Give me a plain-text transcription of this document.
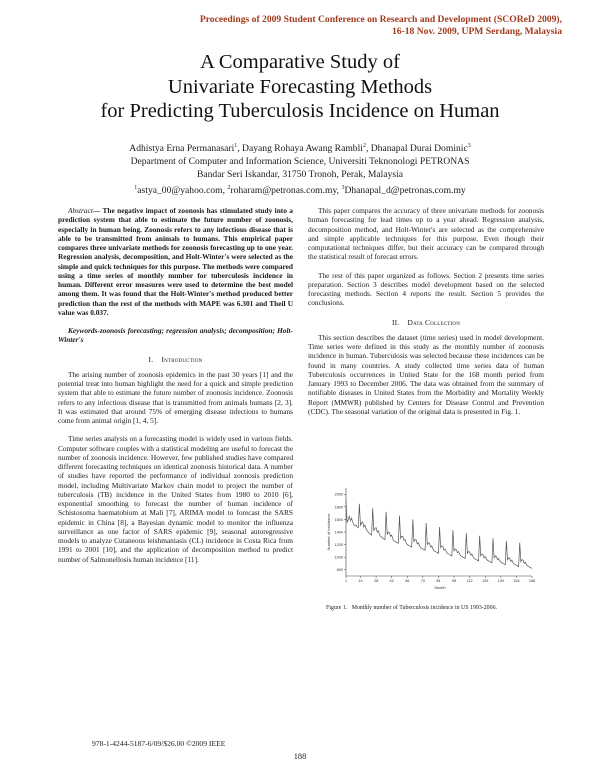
Proceedings of 2009 Student Conference on Research and Development (SCOReD 2009),
16-18 Nov. 2009, UPM Serdang, Malaysia
A Comparative Study of
Univariate Forecasting Methods
for Predicting Tuberculosis Incidence on Human
Adhistya Erna Permanasari$^1$, Dayang Rohaya Awang Rambli$^2$, Dhanapal Durai Dominic$^3$
Department of Computer and Information Science, Universiti Teknonologi PETRONAS
Bandar Seri Iskandar, 31750 Tronoh, Perak, Malaysia
$^1$astya_00@yahoo.com, $^2$roharam@petronas.com.my, $^3$Dhanapal_d@petronas.com.my

Abstract— The negative impact of zoonosis has stimulated study into a prediction system that able to estimate the future number of zoonosis, especially in human being. Zoonosis refers to any infectious disease that is able to be transmitted from animals to humans. This empirical paper compares three univariate methods for zoonosis forecasting up to one year. Regression analysis, decomposition, and Holt-Winter's were selected as the simple and quick techniques for this purpose. The methods were compared using a time series of monthly number for tuberculosis incidence in human. Different error measures were used to determine the best model among them. It was found that the Holt-Winter's method produced better prediction than the rest of the methods with MAPE was 6.301 and Theil U value was 0.037.

Keywords-zoonosis forecasting; regression analysis; decomposition; Holt-Winter's

I. Introduction

The arising number of zoonosis epidemics in the past 30 years [1] and the potential treat into human highlight the need for a quick and simple prediction system that able to estimate the future number of zoonosis incidence. Zoonosis refers to any infectious disease that is transmitted from animals humans [2, 3]. It was estimated that around 75% of emerging disease infections to humans come from animal origin [1, 4, 5].

Time series analysis on a forecasting model is widely used in various fields. Computer software couples with a statistical modeling are useful to forecast the number of zoonosis incidence. However, few published studies have compared different forecasting techniques on identical zoonosis historical data. A number of studies have reported the performance of individual zoonosis prediction model, including Multivariate Markov chain model to project the number of tuberculosis (TB) incidence in the United States from 1980 to 2010 [6], exponential smoothing to forecast the number of human incidence of Schistosoma haematobium at Mali [7], ARIMA model to forecast the SARS epidemic in China [8], a Bayesian dynamic model to monitor the influenza surveillance as one factor of SARS epidemic [9], seasonal autoregressive models to analyze Cutaneous leishmaniasis (CL) incidence in Costa Rica from 1991 to 2001 [10], and the application of decomposition method to predict number of Salmonellosis human incidence [11].

This paper compares the accuracy of three univariate methods for zoonosis human forecasting for lead times up to a year ahead. Regression analysis, decomposition method, and Holt-Winter's are selected as the comprehensive and simple applicable techniques for this purpose. Even though their computational techniques differ, but their accuracy can be compared through the statistical result of forecast errors.

The rest of this paper organized as follows. Section 2 presents time series preparation. Section 3 describes model development based on the selected forecasting methods. Section 4 reports the result. Section 5 provides the conclusions.

II. Data Collection

This section describes the dataset (time series) used in model development. Time series were defined in this study as the monthly number of zoonosis incidence in human. Tuberculosis was selected because these incidences can be found in many countries. A study collected time series data of human Tuberculosis occurrences in United State for the 168 month period from January 1993 to December 2006. The data was obtained from the summary of notifiable diseases in United States from the Morbidity and Mortality Weekly Report (MMWR) published by Centers for Disease Control and Prevention (CDC). The seasonal variation of the original data is presented in Fig. 1.

800
1000
1200
1400
1600
1800
2000
1	14	28	42	56	70	84	98	112 126 140 154 168
Number of Incidence
Month
Figure 1. Monthly number of Tuberculosis incidence in US 1993-2006.
978-1-4244-5187-6/09/$26.00 ©2009 IEEE
188
